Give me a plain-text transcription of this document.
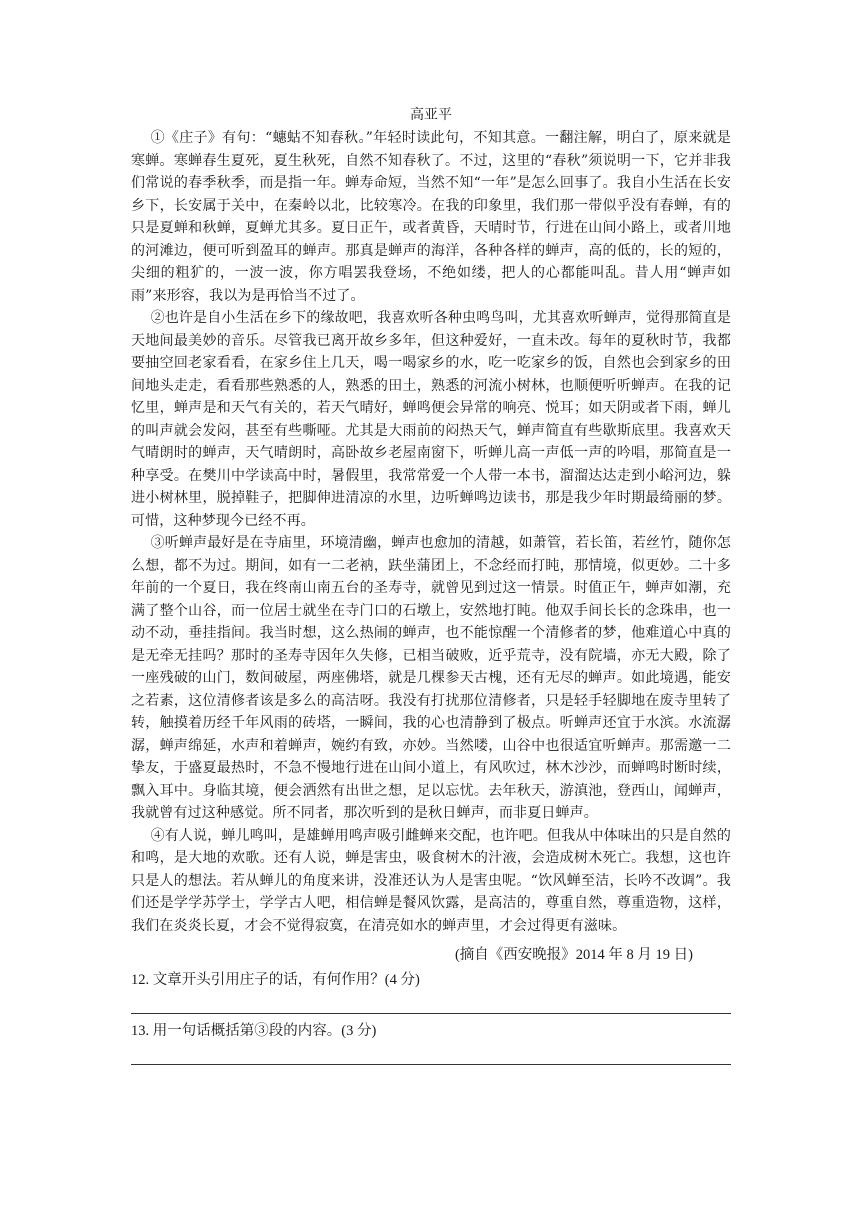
高亚平

①《庄子》有句：“蟪蛄不知春秋。”年轻时读此句，不知其意。一翻注解，明白了，原来就是寒蝉。寒蝉春生夏死，夏生秋死，自然不知春秋了。不过，这里的“春秋”须说明一下，它并非我们常说的春季秋季，而是指一年。蝉寿命短，当然不知“一年”是怎么回事了。我自小生活在长安乡下，长安属于关中，在秦岭以北，比较寒冷。在我的印象里，我们那一带似乎没有春蝉，有的只是夏蝉和秋蝉，夏蝉尤其多。夏日正午，或者黄昏，天晴时节，行进在山间小路上，或者川地的河滩边，便可听到盈耳的蝉声。那真是蝉声的海洋，各种各样的蝉声，高的低的，长的短的，尖细的粗犷的，一波一波，你方唱罢我登场，不绝如缕，把人的心都能叫乱。昔人用“蝉声如雨”来形容，我以为是再恰当不过了。

②也许是自小生活在乡下的缘故吧，我喜欢听各种虫鸣鸟叫，尤其喜欢听蝉声，觉得那简直是天地间最美妙的音乐。尽管我已离开故乡多年，但这种爱好，一直未改。每年的夏秋时节，我都要抽空回老家看看，在家乡住上几天，喝一喝家乡的水，吃一吃家乡的饭，自然也会到家乡的田间地头走走，看看那些熟悉的人，熟悉的田土，熟悉的河流小树林，也顺便听听蝉声。在我的记忆里，蝉声是和天气有关的，若天气晴好，蝉鸣便会异常的响亮、悦耳；如天阴或者下雨，蝉儿的叫声就会发闷，甚至有些嘶哑。尤其是大雨前的闷热天气，蝉声简直有些歇斯底里。我喜欢天气晴朗时的蝉声，天气晴朗时，高卧故乡老屋南窗下，听蝉儿高一声低一声的吟唱，那简直是一种享受。在樊川中学读高中时，暑假里，我常常爱一个人带一本书，溜溜达达走到小峪河边，躲进小树林里，脱掉鞋子，把脚伸进清凉的水里，边听蝉鸣边读书，那是我少年时期最绮丽的梦。可惜，这种梦现今已经不再。

③听蝉声最好是在寺庙里，环境清幽，蝉声也愈加的清越，如萧管，若长笛，若丝竹，随你怎么想，都不为过。期间，如有一二老衲，趺坐蒲团上，不念经而打盹，那情境，似更妙。二十多年前的一个夏日，我在终南山南五台的圣寿寺，就曾见到过这一情景。时值正午，蝉声如潮，充满了整个山谷，而一位居士就坐在寺门口的石墩上，安然地打盹。他双手间长长的念珠串，也一动不动，垂挂指间。我当时想，这么热闹的蝉声，也不能惊醒一个清修者的梦，他难道心中真的是无牵无挂吗？那时的圣寿寺因年久失修，已相当破败，近乎荒寺，没有院墙，亦无大殿，除了一座残破的山门，数间破屋，两座佛塔，就是几棵参天古槐，还有无尽的蝉声。如此境遇，能安之若素，这位清修者该是多么的高洁呀。我没有打扰那位清修者，只是轻手轻脚地在废寺里转了转，触摸着历经千年风雨的砖塔，一瞬间，我的心也清静到了极点。听蝉声还宜于水滨。水流潺潺，蝉声绵延，水声和着蝉声，婉约有致，亦妙。当然喽，山谷中也很适宜听蝉声。那需邀一二挚友，于盛夏最热时，不急不慢地行进在山间小道上，有风吹过，林木沙沙，而蝉鸣时断时续，飘入耳中。身临其境，便会洒然有出世之想，足以忘忧。去年秋天，游滇池，登西山，闻蝉声，我就曾有过这种感觉。所不同者，那次听到的是秋日蝉声，而非夏日蝉声。

④有人说，蝉儿鸣叫，是雄蝉用鸣声吸引雌蝉来交配，也许吧。但我从中体味出的只是自然的和鸣，是大地的欢歌。还有人说，蝉是害虫，吸食树木的汁液，会造成树木死亡。我想，这也许只是人的想法。若从蝉儿的角度来讲，没准还认为人是害虫呢。“饮风蝉至洁，长吟不改调”。我们还是学学苏学士，学学古人吧，相信蝉是餐风饮露，是高洁的，尊重自然，尊重造物，这样，我们在炎炎长夏，才会不觉得寂寞，在清亮如水的蝉声里，才会过得更有滋味。

(摘自《西安晚报》2014 年 8 月 19 日)
12. 文章开头引用庄子的话，有何作用？(4 分)
13. 用一句话概括第③段的内容。(3 分)
